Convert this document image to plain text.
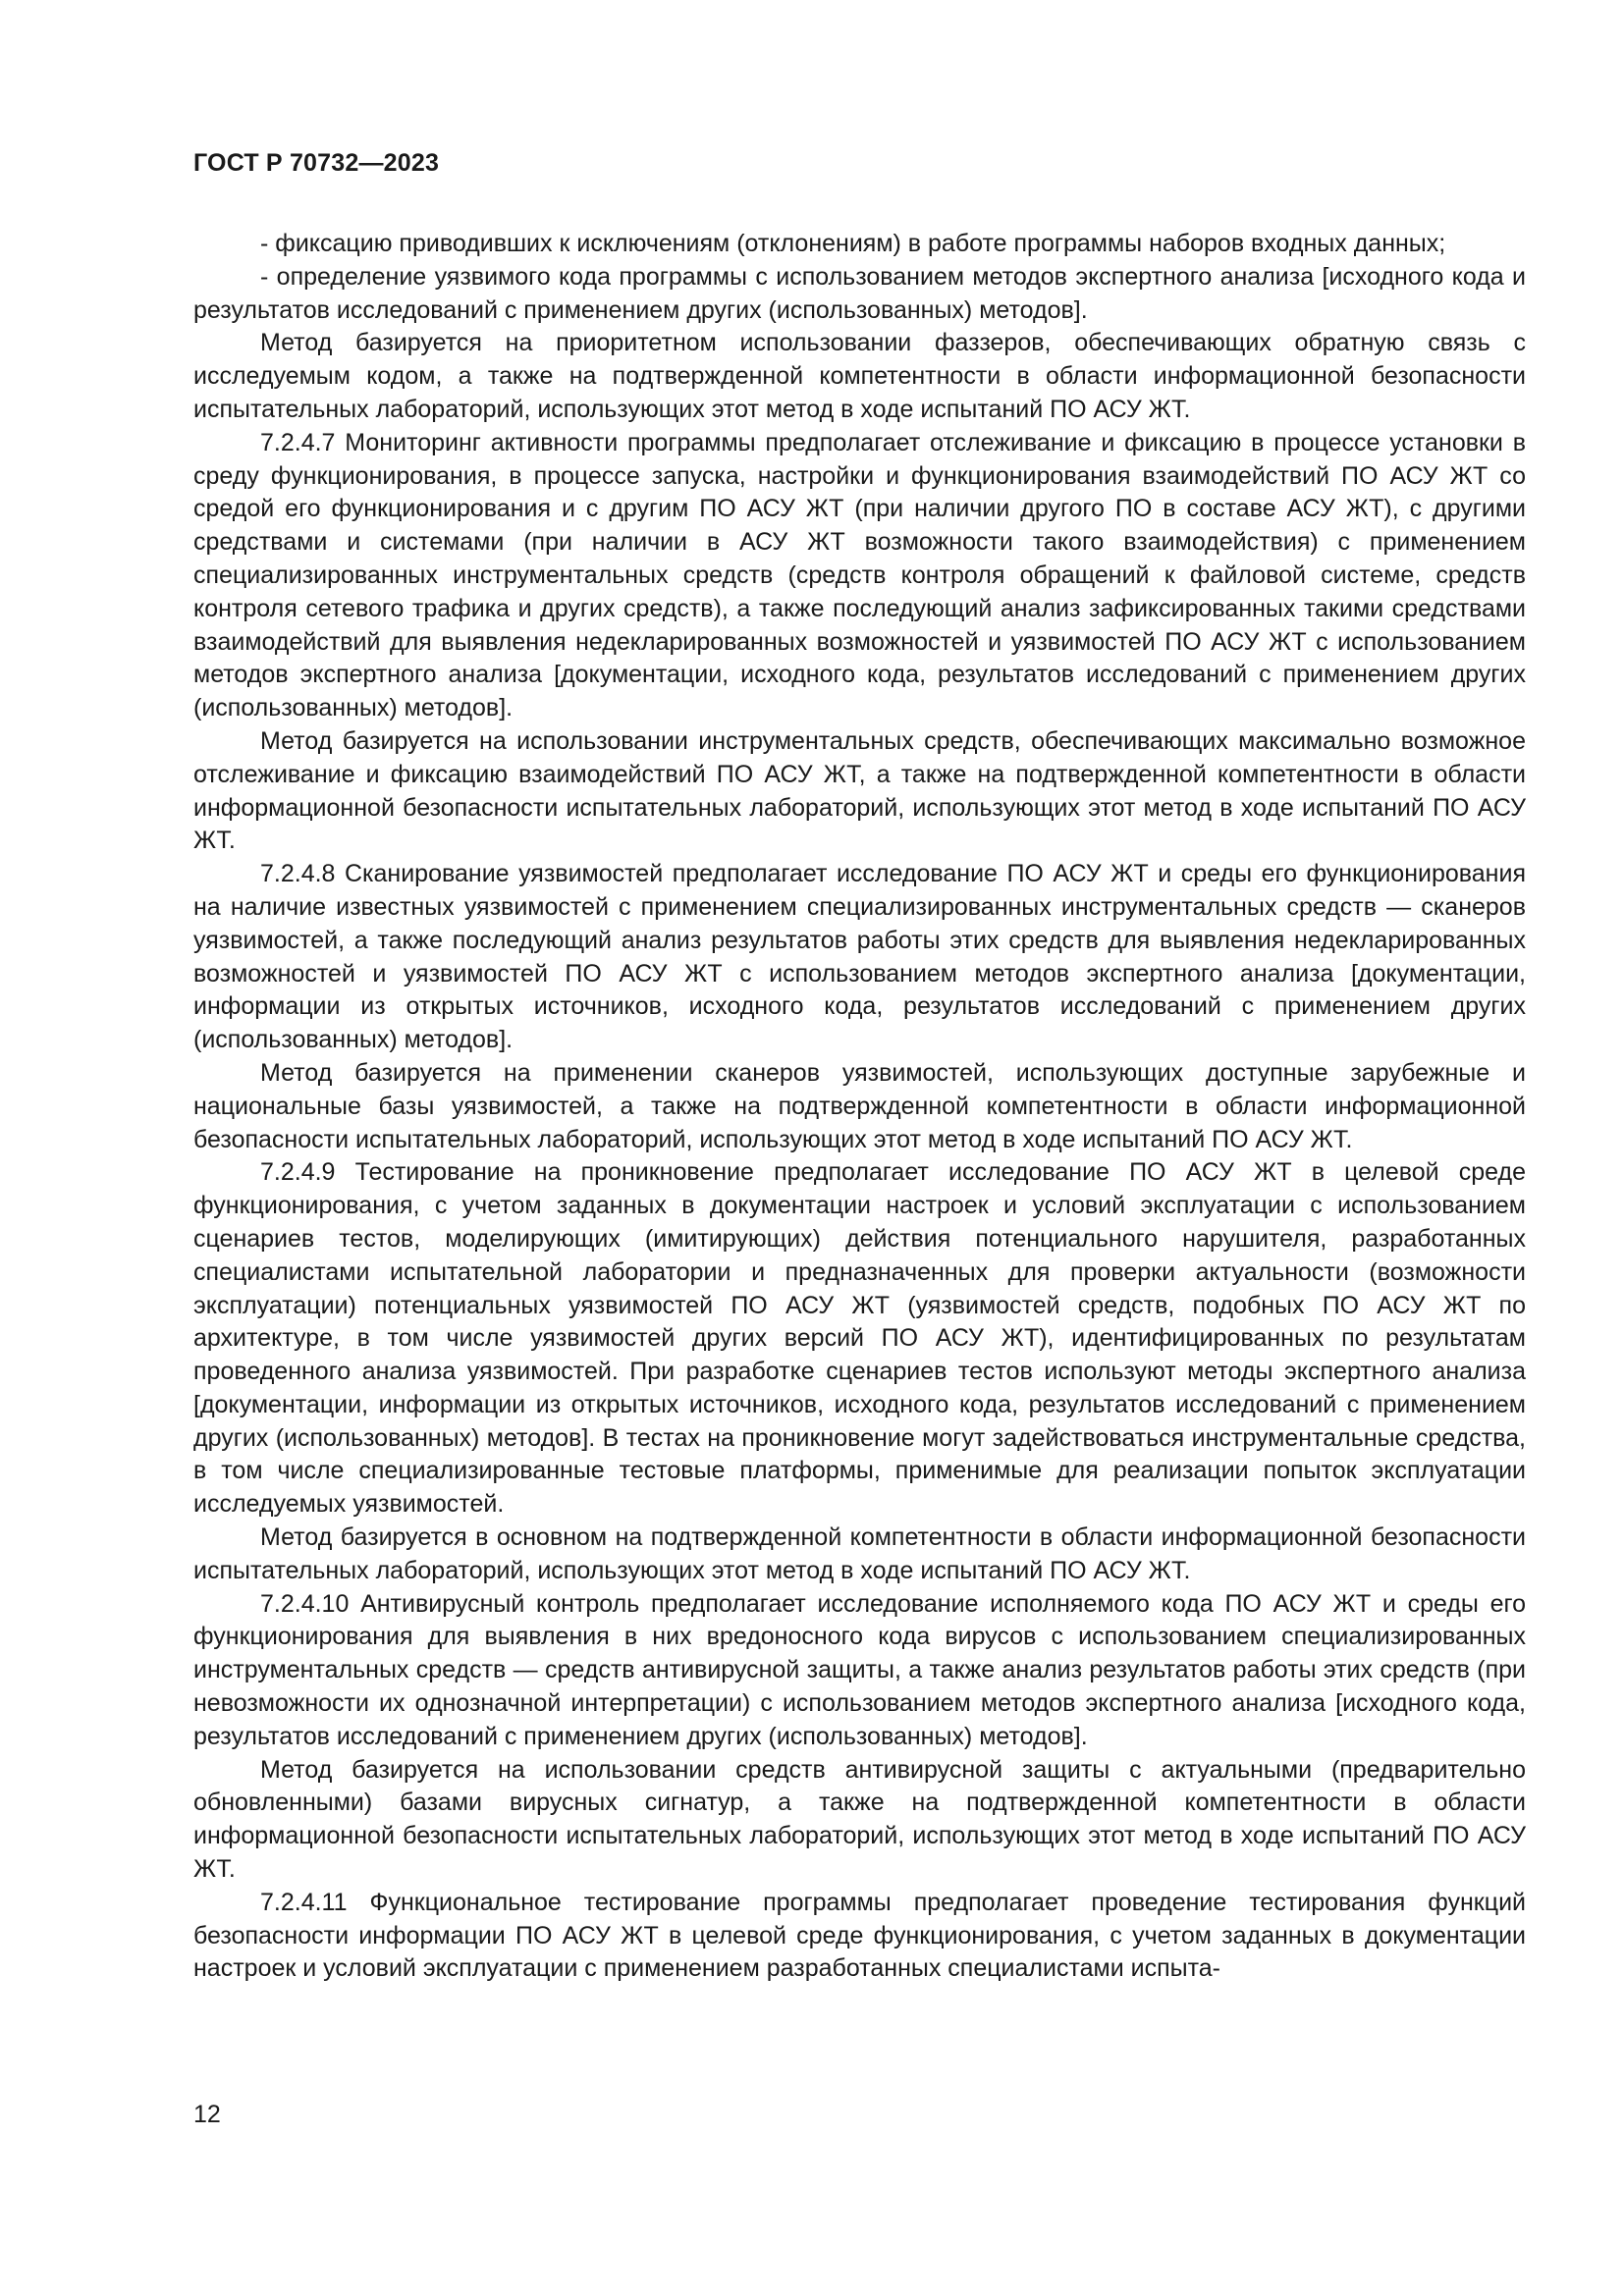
ГОСТ Р 70732—2023

- фиксацию приводивших к исключениям (отклонениям) в работе программы наборов входных данных;

- определение уязвимого кода программы с использованием методов экспертного анализа [исходного кода и результатов исследований с применением других (использованных) методов].

Метод базируется на приоритетном использовании фаззеров, обеспечивающих обратную связь с исследуемым кодом, а также на подтвержденной компетентности в области информационной безопасности испытательных лабораторий, использующих этот метод в ходе испытаний ПО АСУ ЖТ.

7.2.4.7 Мониторинг активности программы предполагает отслеживание и фиксацию в процессе установки в среду функционирования, в процессе запуска, настройки и функционирования взаимодействий ПО АСУ ЖТ со средой его функционирования и с другим ПО АСУ ЖТ (при наличии другого ПО в составе АСУ ЖТ), с другими средствами и системами (при наличии в АСУ ЖТ возможности такого взаимодействия) с применением специализированных инструментальных средств (средств контроля обращений к файловой системе, средств контроля сетевого трафика и других средств), а также последующий анализ зафиксированных такими средствами взаимодействий для выявления недекларированных возможностей и уязвимостей ПО АСУ ЖТ с использованием методов экспертного анализа [документации, исходного кода, результатов исследований с применением других (использованных) методов].

Метод базируется на использовании инструментальных средств, обеспечивающих максимально возможное отслеживание и фиксацию взаимодействий ПО АСУ ЖТ, а также на подтвержденной компетентности в области информационной безопасности испытательных лабораторий, использующих этот метод в ходе испытаний ПО АСУ ЖТ.

7.2.4.8 Сканирование уязвимостей предполагает исследование ПО АСУ ЖТ и среды его функционирования на наличие известных уязвимостей с применением специализированных инструментальных средств — сканеров уязвимостей, а также последующий анализ результатов работы этих средств для выявления недекларированных возможностей и уязвимостей ПО АСУ ЖТ с использованием методов экспертного анализа [документации, информации из открытых источников, исходного кода, результатов исследований с применением других (использованных) методов].

Метод базируется на применении сканеров уязвимостей, использующих доступные зарубежные и национальные базы уязвимостей, а также на подтвержденной компетентности в области информационной безопасности испытательных лабораторий, использующих этот метод в ходе испытаний ПО АСУ ЖТ.

7.2.4.9 Тестирование на проникновение предполагает исследование ПО АСУ ЖТ в целевой среде функционирования, с учетом заданных в документации настроек и условий эксплуатации с использованием сценариев тестов, моделирующих (имитирующих) действия потенциального нарушителя, разработанных специалистами испытательной лаборатории и предназначенных для проверки актуальности (возможности эксплуатации) потенциальных уязвимостей ПО АСУ ЖТ (уязвимостей средств, подобных ПО АСУ ЖТ по архитектуре, в том числе уязвимостей других версий ПО АСУ ЖТ), идентифицированных по результатам проведенного анализа уязвимостей. При разработке сценариев тестов используют методы экспертного анализа [документации, информации из открытых источников, исходного кода, результатов исследований с применением других (использованных) методов]. В тестах на проникновение могут задействоваться инструментальные средства, в том числе специализированные тестовые платформы, применимые для реализации попыток эксплуатации исследуемых уязвимостей.

Метод базируется в основном на подтвержденной компетентности в области информационной безопасности испытательных лабораторий, использующих этот метод в ходе испытаний ПО АСУ ЖТ.

7.2.4.10 Антивирусный контроль предполагает исследование исполняемого кода ПО АСУ ЖТ и среды его функционирования для выявления в них вредоносного кода вирусов с использованием специализированных инструментальных средств — средств антивирусной защиты, а также анализ результатов работы этих средств (при невозможности их однозначной интерпретации) с использованием методов экспертного анализа [исходного кода, результатов исследований с применением других (использованных) методов].

Метод базируется на использовании средств антивирусной защиты с актуальными (предварительно обновленными) базами вирусных сигнатур, а также на подтвержденной компетентности в области информационной безопасности испытательных лабораторий, использующих этот метод в ходе испытаний ПО АСУ ЖТ.

7.2.4.11 Функциональное тестирование программы предполагает проведение тестирования функций безопасности информации ПО АСУ ЖТ в целевой среде функционирования, с учетом заданных в документации настроек и условий эксплуатации с применением разработанных специалистами испыта-

12
